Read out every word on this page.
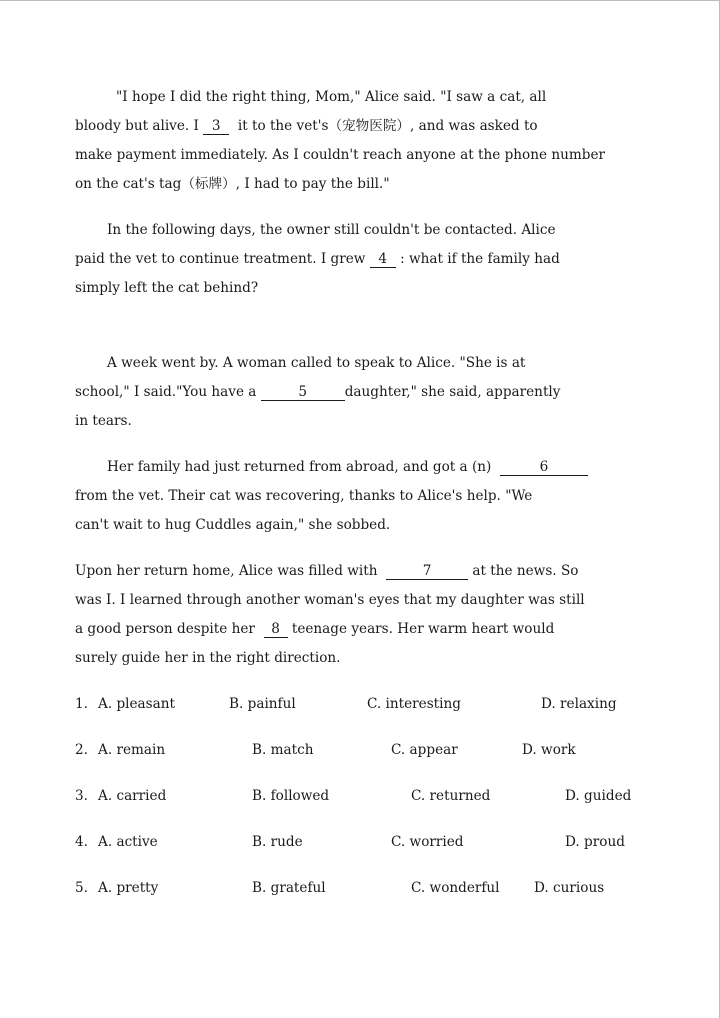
"I hope I did the right thing, Mom," Alice said. "I saw a cat, all
bloody but alive. I 3  it to the vet's（宠物医院）, and was asked to
make payment immediately. As I couldn't reach anyone at the phone number
on the cat's tag（标牌）, I had to pay the bill."
In the following days, the owner still couldn't be contacted. Alice
paid the vet to continue treatment. I grew 4 : what if the family had
simply left the cat behind?
A week went by. A woman called to speak to Alice. "She is at
school," I said."You have a	5	daughter," she said, apparently
in tears.
Her family had just returned from abroad, and got a (n)	6
from the vet. Their cat was recovering, thanks to Alice's help. "We
can't wait to hug Cuddles again," she sobbed.
Upon her return home, Alice was filled with	7	at the news. So
was I. I learned through another woman's eyes that my daughter was still
a good person despite her  8 teenage years. Her warm heart would
surely guide her in the right direction.
1. A. pleasant	B. painful	C. interesting	D. relaxing
2. A. remain	B. match	C. appear	D. work
3. A. carried	B. followed	C. returned	D. guided
4. A. active	B. rude	C. worried	D. proud
5. A. pretty	B. grateful	C. wonderful	D. curious
